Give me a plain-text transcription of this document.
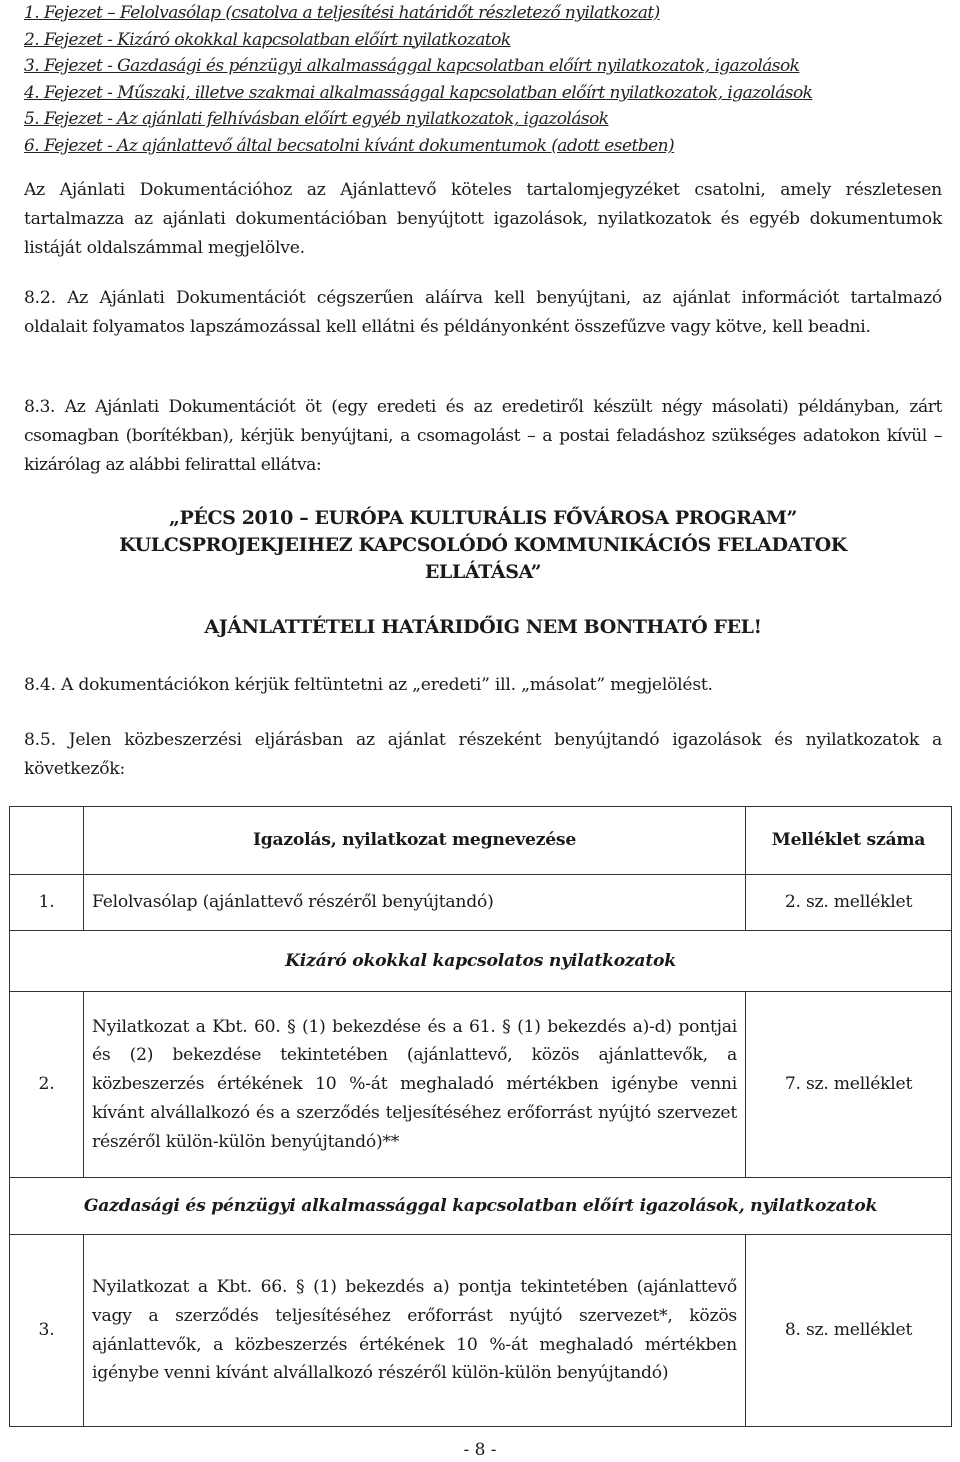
1. Fejezet – Felolvasólap (csatolva a teljesítési határidőt részletező nyilatkozat)
2. Fejezet - Kizáró okokkal kapcsolatban előírt nyilatkozatok
3. Fejezet - Gazdasági és pénzügyi alkalmassággal kapcsolatban előírt nyilatkozatok, igazolások
4. Fejezet - Műszaki, illetve szakmai alkalmassággal kapcsolatban előírt nyilatkozatok, igazolások
5. Fejezet - Az ajánlati felhívásban előírt egyéb nyilatkozatok, igazolások
6. Fejezet - Az ajánlattevő által becsatolni kívánt dokumentumok (adott esetben)
Az Ajánlati Dokumentációhoz az Ajánlattevő köteles tartalomjegyzéket csatolni, amely részletesen tartalmazza az ajánlati dokumentációban benyújtott igazolások, nyilatkozatok és egyéb dokumentumok listáját oldalszámmal megjelölve.
8.2. Az Ajánlati Dokumentációt cégszerűen aláírva kell benyújtani, az ajánlat információt tartalmazó oldalait folyamatos lapszámozással kell ellátni és példányonként összefűzve vagy kötve, kell beadni.
8.3. Az Ajánlati Dokumentációt öt (egy eredeti és az eredetiről készült négy másolati) példányban, zárt csomagban (borítékban), kérjük benyújtani, a csomagolást – a postai feladáshoz szükséges adatokon kívül – kizárólag az alábbi felirattal ellátva:
„PÉCS 2010 – EURÓPA KULTURÁLIS FŐVÁROSA PROGRAM”
KULCSPROJEKJEIHEZ KAPCSOLÓDÓ KOMMUNIKÁCIÓS FELADATOK
ELLÁTÁSA”
AJÁNLATTÉTELI HATÁRIDŐIG NEM BONTHATÓ FEL!
8.4. A dokumentációkon kérjük feltüntetni az „eredeti” ill. „másolat” megjelölést.
8.5. Jelen közbeszerzési eljárásban az ajánlat részeként benyújtandó igazolások és nyilatkozatok a következők:
	Igazolás, nyilatkozat megnevezése	Melléklet száma
1.	Felolvasólap (ajánlattevő részéről benyújtandó)	2. sz. melléklet
Kizáró okokkal kapcsolatos nyilatkozatok		
2.	Nyilatkozat a Kbt. 60. § (1) bekezdése és a 61. § (1) bekezdés a)-d) pontjai és (2) bekezdése tekintetében (ajánlattevő, közös ajánlattevők, a közbeszerzés értékének 10 %-át meghaladó mértékben igénybe venni kívánt alvállalkozó és a szerződés teljesítéséhez erőforrást nyújtó szervezet részéről külön-külön benyújtandó)**	7. sz. melléklet
Gazdasági és pénzügyi alkalmassággal kapcsolatban előírt igazolások, nyilatkozatok		
3.	Nyilatkozat a Kbt. 66. § (1) bekezdés a) pontja tekintetében (ajánlattevő vagy a szerződés teljesítéséhez erőforrást nyújtó szervezet*, közös ajánlattevők, a közbeszerzés értékének 10 %-át meghaladó mértékben igénybe venni kívánt alvállalkozó részéről külön-külön benyújtandó)	8. sz. melléklet
- 8 -
